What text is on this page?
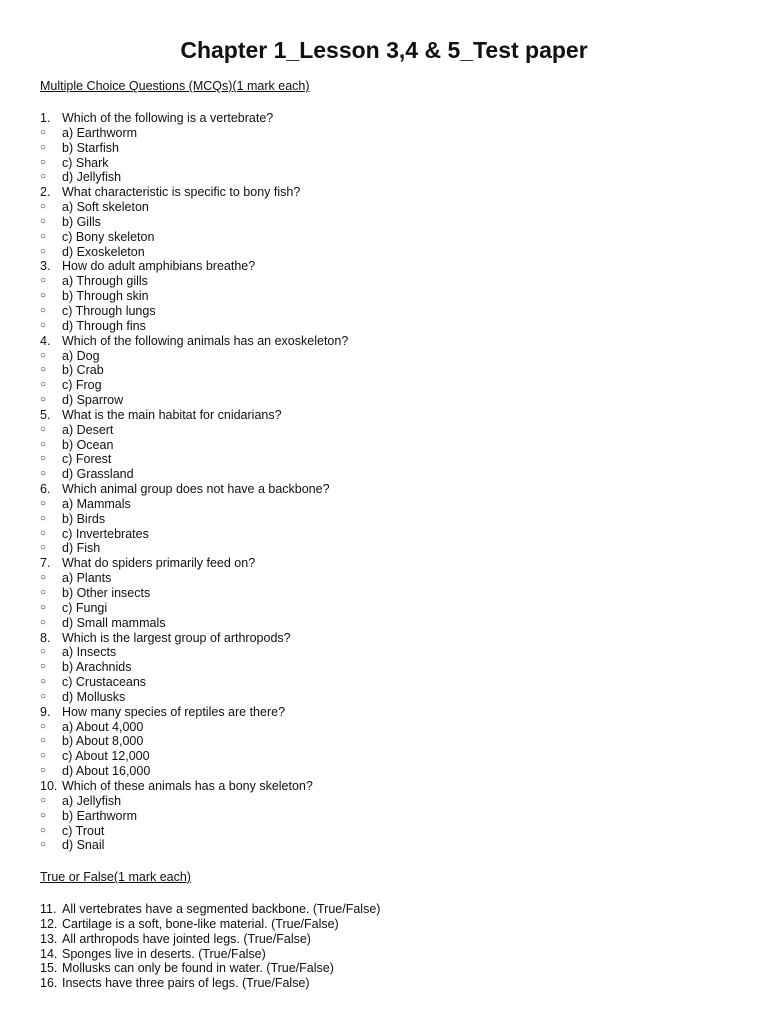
Chapter 1_Lesson 3,4 & 5_Test paper
Multiple Choice Questions (MCQs)(1 mark each)
1. Which of the following is a vertebrate?
○ a) Earthworm
○ b) Starfish
○ c) Shark
○ d) Jellyfish
2. What characteristic is specific to bony fish?
○ a) Soft skeleton
○ b) Gills
○ c) Bony skeleton
○ d) Exoskeleton
3. How do adult amphibians breathe?
○ a) Through gills
○ b) Through skin
○ c) Through lungs
○ d) Through fins
4. Which of the following animals has an exoskeleton?
○ a) Dog
○ b) Crab
○ c) Frog
○ d) Sparrow
5. What is the main habitat for cnidarians?
○ a) Desert
○ b) Ocean
○ c) Forest
○ d) Grassland
6. Which animal group does not have a backbone?
○ a) Mammals
○ b) Birds
○ c) Invertebrates
○ d) Fish
7. What do spiders primarily feed on?
○ a) Plants
○ b) Other insects
○ c) Fungi
○ d) Small mammals
8. Which is the largest group of arthropods?
○ a) Insects
○ b) Arachnids
○ c) Crustaceans
○ d) Mollusks
9. How many species of reptiles are there?
○ a) About 4,000
○ b) About 8,000
○ c) About 12,000
○ d) About 16,000
10. Which of these animals has a bony skeleton?
○ a) Jellyfish
○ b) Earthworm
○ c) Trout
○ d) Snail
True or False(1 mark each)
11. All vertebrates have a segmented backbone. (True/False)
12. Cartilage is a soft, bone-like material. (True/False)
13. All arthropods have jointed legs. (True/False)
14. Sponges live in deserts. (True/False)
15. Mollusks can only be found in water. (True/False)
16. Insects have three pairs of legs. (True/False)
